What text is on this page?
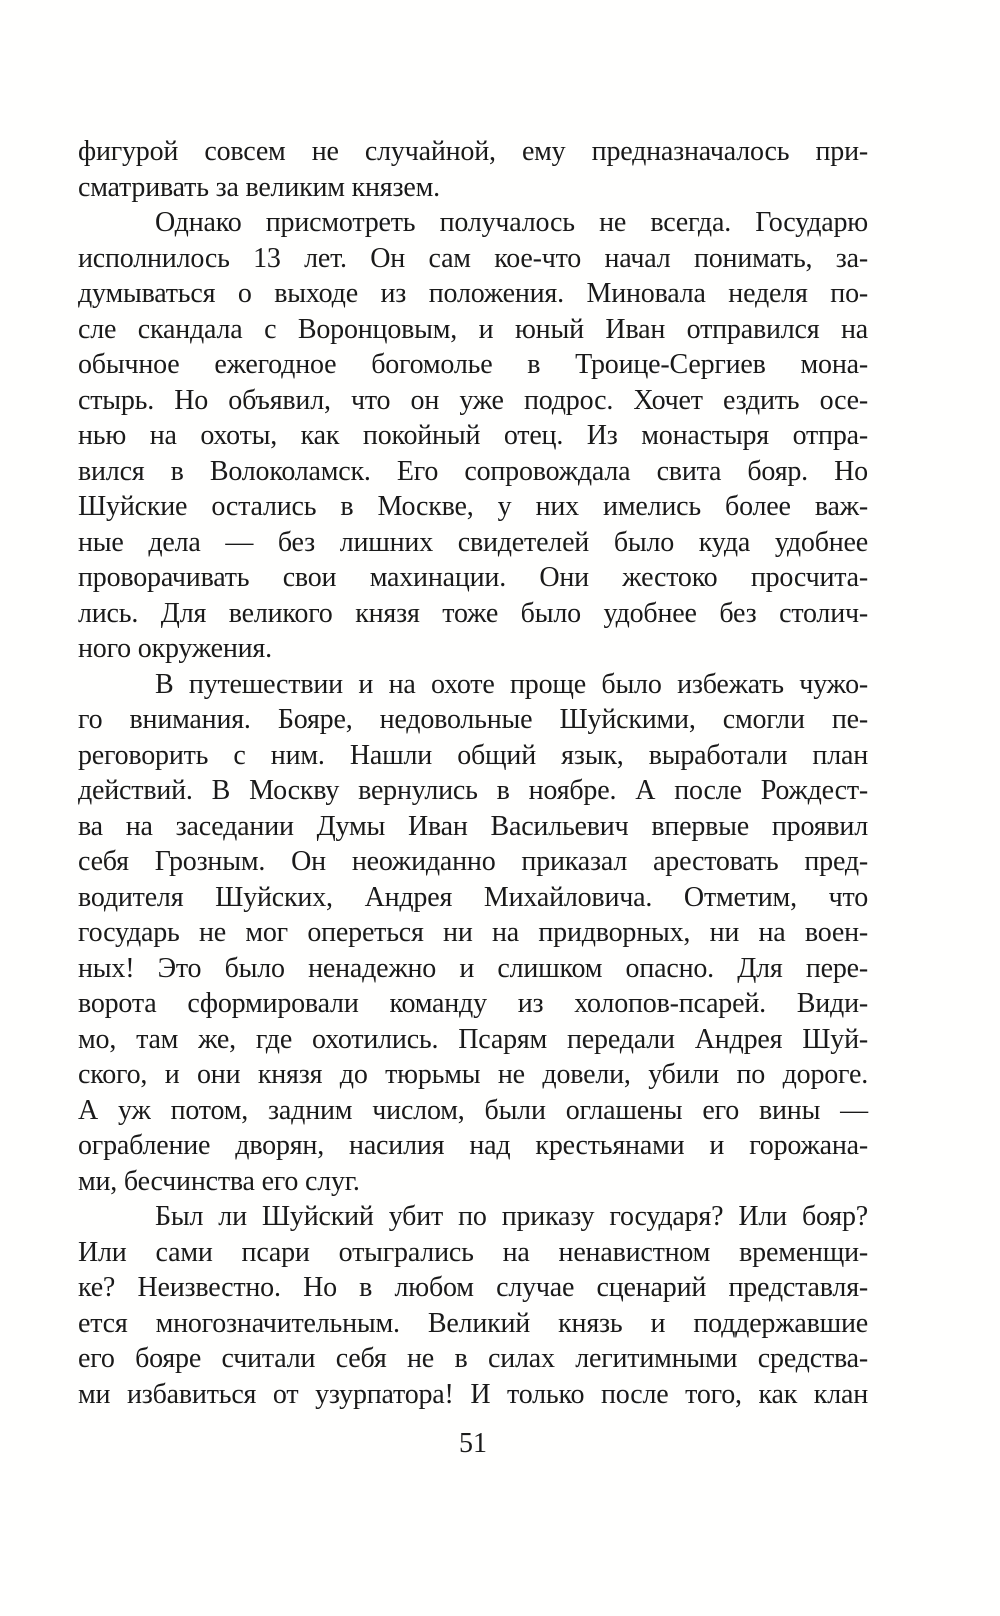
фигурой совсем не случайной, ему предназначалось при-
сматривать за великим князем.
Однако присмотреть получалось не всегда. Государю
исполнилось 13 лет. Он сам кое-что начал понимать, за-
думываться о выходе из положения. Миновала неделя по-
сле скандала с Воронцовым, и юный Иван отправился на
обычное ежегодное богомолье в Троице-Сергиев мона-
стырь. Но объявил, что он уже подрос. Хочет ездить осе-
нью на охоты, как покойный отец. Из монастыря отпра-
вился в Волоколамск. Его сопровождала свита бояр. Но
Шуйские остались в Москве, у них имелись более важ-
ные дела — без лишних свидетелей было куда удобнее
проворачивать свои махинации. Они жестоко просчита-
лись. Для великого князя тоже было удобнее без столич-
ного окружения.
В путешествии и на охоте проще было избежать чужо-
го внимания. Бояре, недовольные Шуйскими, смогли пе-
реговорить с ним. Нашли общий язык, выработали план
действий. В Москву вернулись в ноябре. А после Рождест-
ва на заседании Думы Иван Васильевич впервые проявил
себя Грозным. Он неожиданно приказал арестовать пред-
водителя Шуйских, Андрея Михайловича. Отметим, что
государь не мог опереться ни на придворных, ни на воен-
ных! Это было ненадежно и слишком опасно. Для пере-
ворота сформировали команду из холопов-псарей. Види-
мо, там же, где охотились. Псарям передали Андрея Шуй-
ского, и они князя до тюрьмы не довели, убили по дороге.
А уж потом, задним числом, были оглашены его вины —
ограбление дворян, насилия над крестьянами и горожана-
ми, бесчинства его слуг.
Был ли Шуйский убит по приказу государя? Или бояр?
Или сами псари отыгрались на ненавистном временщи-
ке? Неизвестно. Но в любом случае сценарий представля-
ется многозначительным. Великий князь и поддержавшие
его бояре считали себя не в силах легитимными средства-
ми избавиться от узурпатора! И только после того, как клан
51
